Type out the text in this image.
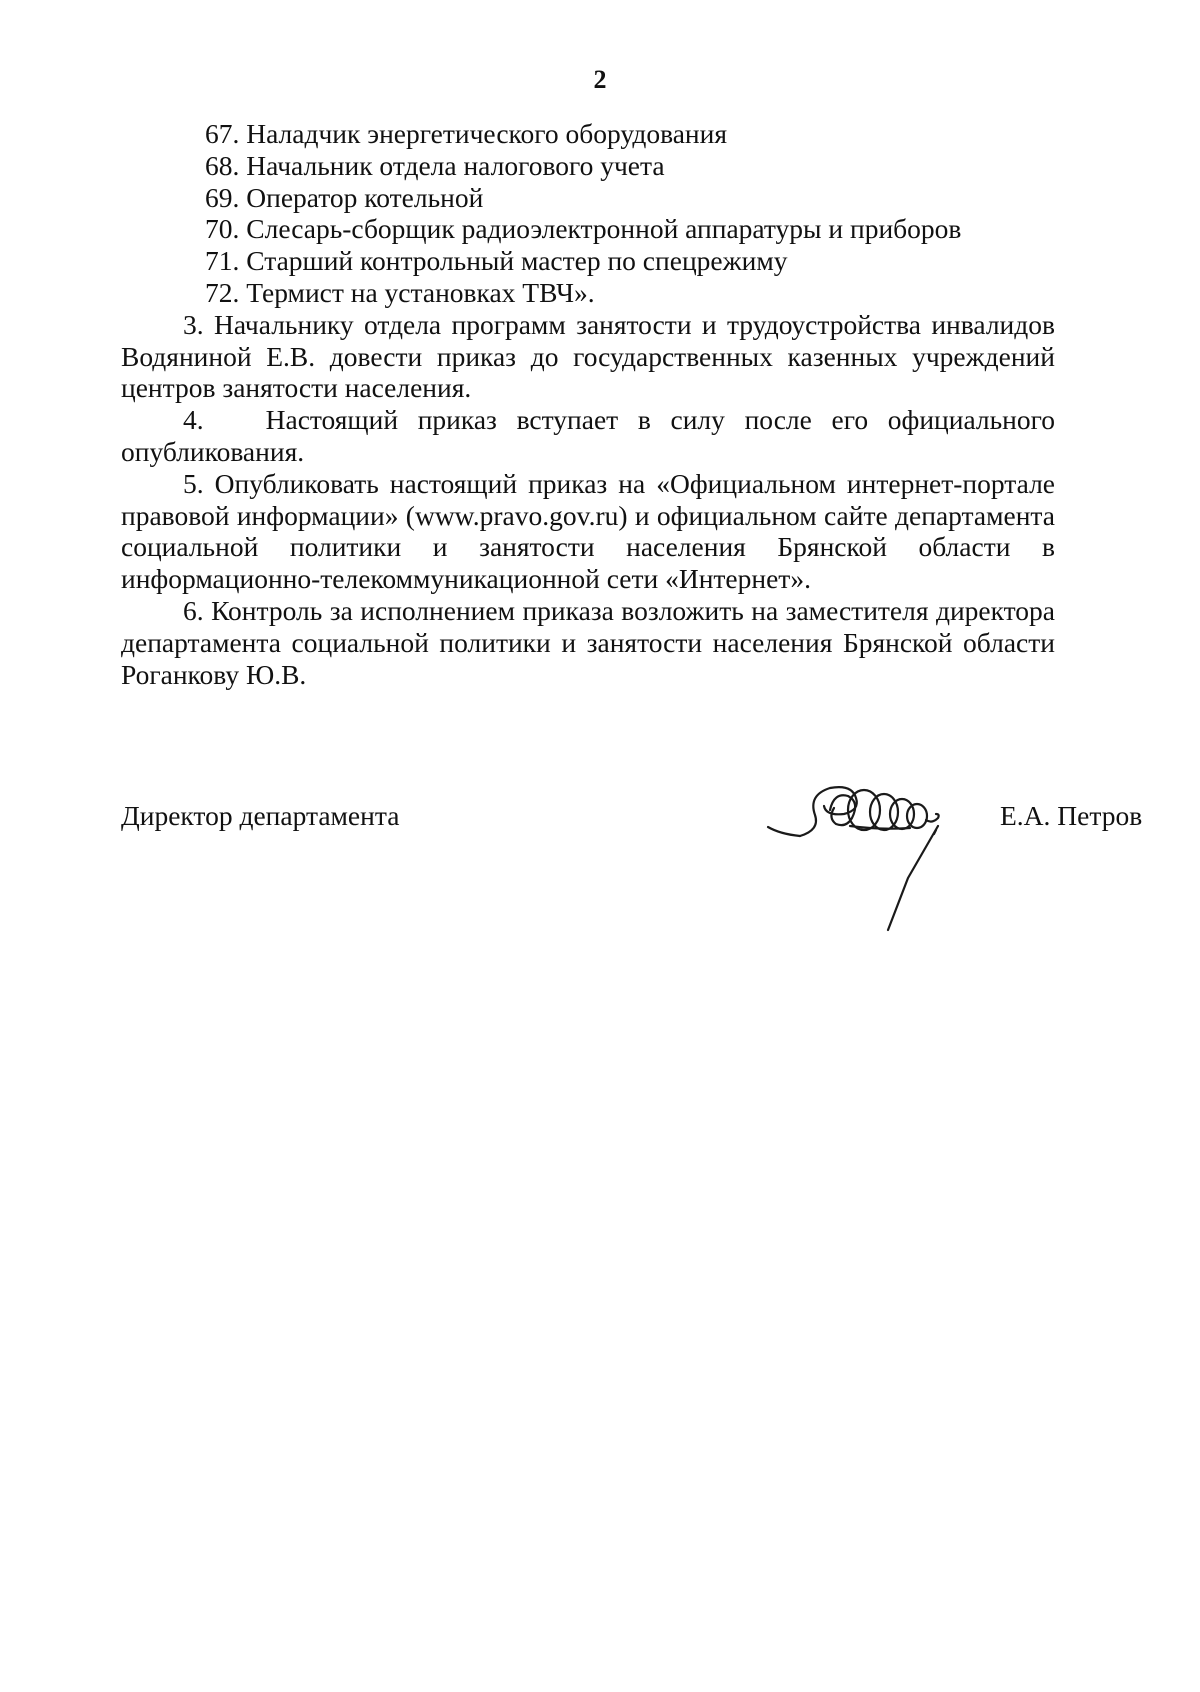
2

67. Наладчик энергетического оборудования

68. Начальник отдела налогового учета

69. Оператор котельной

70. Слесарь-сборщик радиоэлектронной аппаратуры и приборов

71. Старший контрольный мастер по спецрежиму

72. Термист на установках ТВЧ».

3. Начальнику отдела программ занятости и трудоустройства инвалидов Водяниной Е.В. довести приказ до государственных казенных учреждений центров занятости населения.

4. Настоящий приказ вступает в силу после его официального опубликования.

5. Опубликовать настоящий приказ на «Официальном интернет-портале правовой информации» (www.pravo.gov.ru) и официальном сайте департамента социальной политики и занятости населения Брянской области в информационно-телекоммуникационной сети «Интернет».

6. Контроль за исполнением приказа возложить на заместителя директора департамента социальной политики и занятости населения Брянской области Роганкову Ю.В.

Директор департамента	Е.А. Петров
